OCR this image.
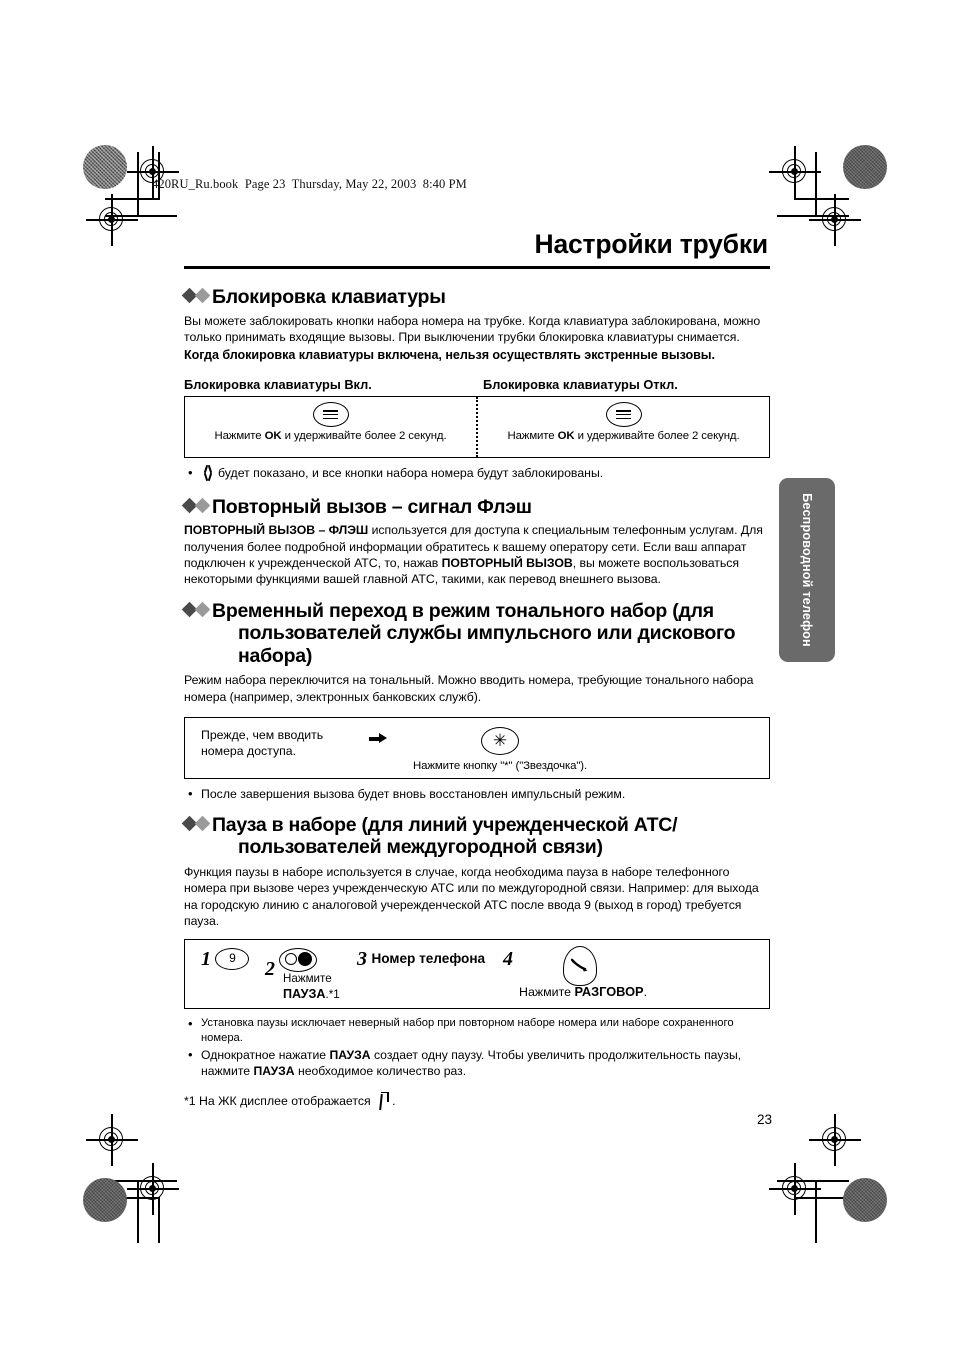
420RU_Ru.book  Page 23  Thursday, May 22, 2003  8:40 PM
Настройки трубки
Беспроводной телефон
Блокировка клавиатуры

Вы можете заблокировать кнопки набора номера на трубке. Когда клавиатура заблокирована, можно только принимать входящие вызовы. При выключении трубки блокировка клавиатуры снимается.

Когда блокировка клавиатуры включена, нельзя осуществлять экстренные вызовы.

Блокировка клавиатуры Вкл.	Блокировка клавиатуры Откл.
Нажмите OK и удерживайте более 2 секунд.	Нажмите OK и удерживайте более 2 секунд.
• будет показано, и все кнопки набора номера будут заблокированы.
Повторный вызов – сигнал Флэш

ПОВТОРНЫЙ ВЫЗОВ – ФЛЭШ используется для доступа к специальным телефонным услугам. Для получения более подробной информации обратитесь к вашему оператору сети. Если ваш аппарат подключен к учрежденческой АТС, то, нажав ПОВТОРНЫЙ ВЫЗОВ, вы можете воспользоваться некоторыми функциями вашей главной АТС, такими, как перевод внешнего вызова.

Временный переход в режим тонального набор (для
пользователей службы импульсного или дискового набора)

Режим набора переключится на тональный. Можно вводить номера, требующие тонального набора номера (например, электронных банковских служб).

Прежде, чем вводить
номера доступа.
✳
Нажмите кнопку "*" ("Звездочка").
• После завершения вызова будет вновь восстановлен импульсный режим.
Пауза в наборе (для линий учрежденческой АТС/
пользователей междугородной связи)

Функция паузы в наборе используется в случае, когда необходима пауза в наборе телефонного номера при вызове через учрежденческую АТС или по междугородной связи. Например: для выхода на городскую линию с аналоговой учережденческой АТС после ввода 9 (выход в город) требуется пауза.

1 9	2 Нажмите
ПАУЗА.*1
3 Номер телефона 4
Нажмите РАЗГОВОР.
• Установка паузы исключает неверный набор при повторном наборе номера или наборе сохраненного номера.
• Однократное нажатие ПАУЗА создает одну паузу. Чтобы увеличить продолжительность паузы, нажмите ПАУЗА необходимое количество раз.
*1 На ЖК дисплее отображается
.
23
